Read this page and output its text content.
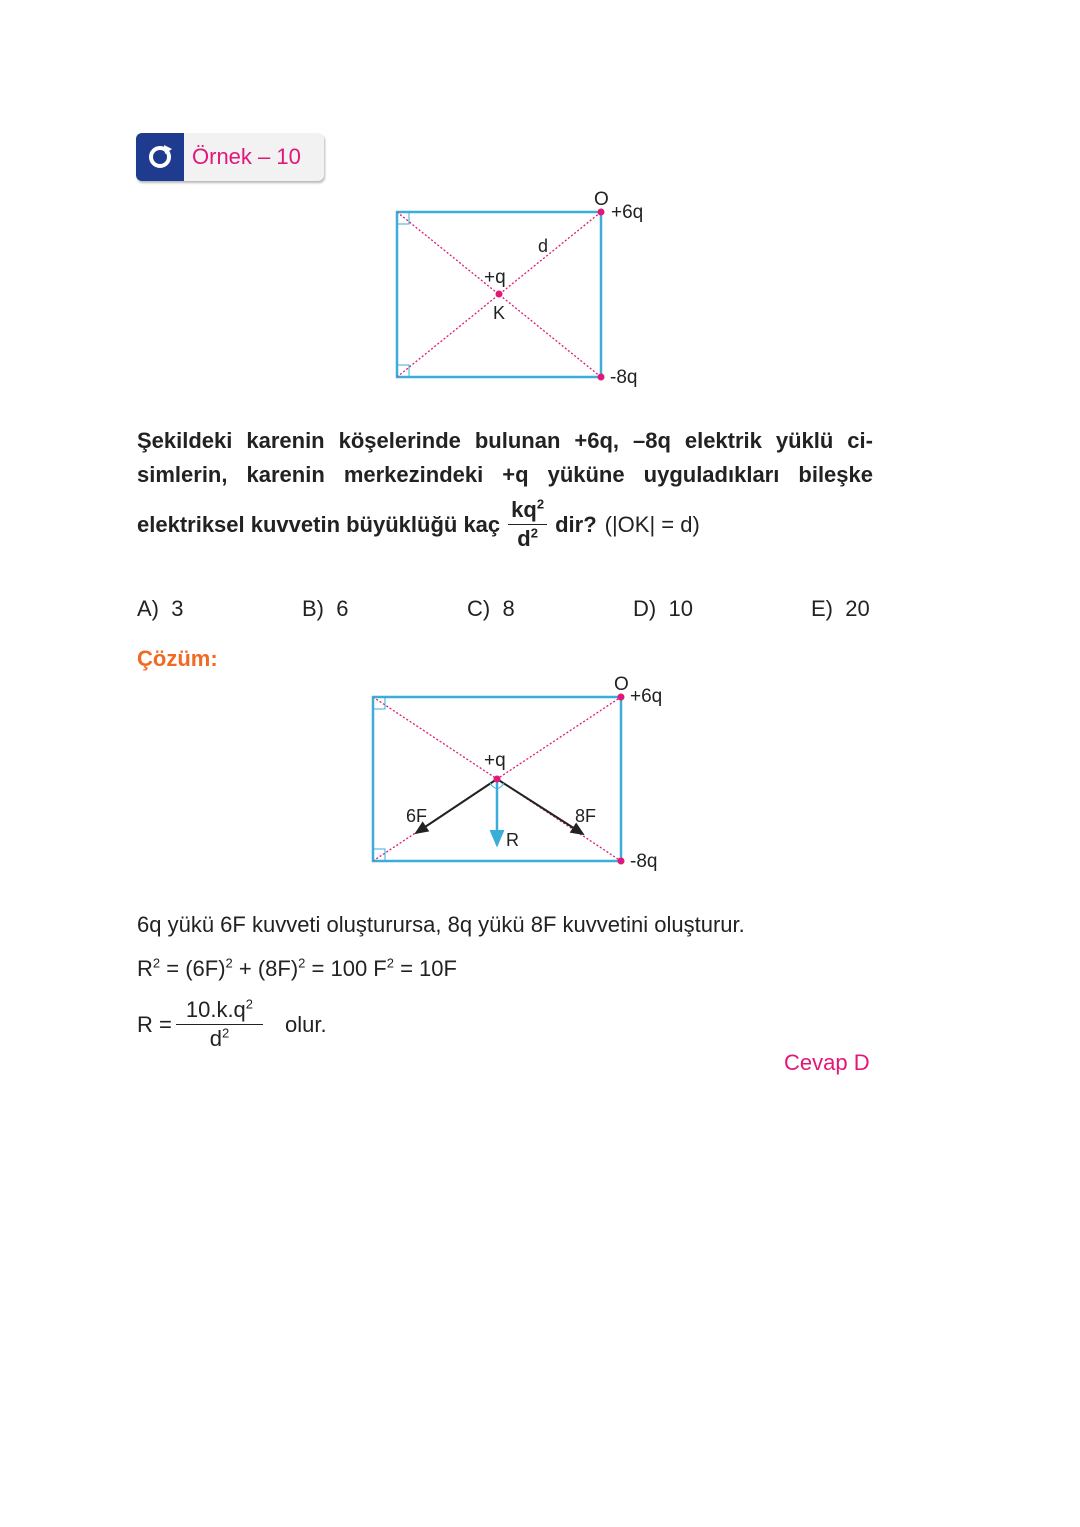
Örnek – 10
O
+6q
-8q
+q
K
d
Şekildeki karenin köşelerinde bulunan +6q, –8q elektrik yüklü ci-
simlerin, karenin merkezindeki +q yüküne uyguladıkları bileşke
elektriksel kuvvetin büyüklüğü kaç $\frac{kq^2}{d^2}$ dir? (|OK| = d)
A) 3	B) 6	C) 8	D) 10	E) 20
Çözüm:
O
+6q
-8q
+q
6F	8F
R
6q yükü 6F kuvveti oluşturursa, 8q yükü 8F kuvvetini oluşturur.
$R^2 = (6F)^2 + (8F)^2 = 100$ $F^2 = 10F$
$R = \frac{10.k.q^2}{d^2}$ olur.
Cevap D
